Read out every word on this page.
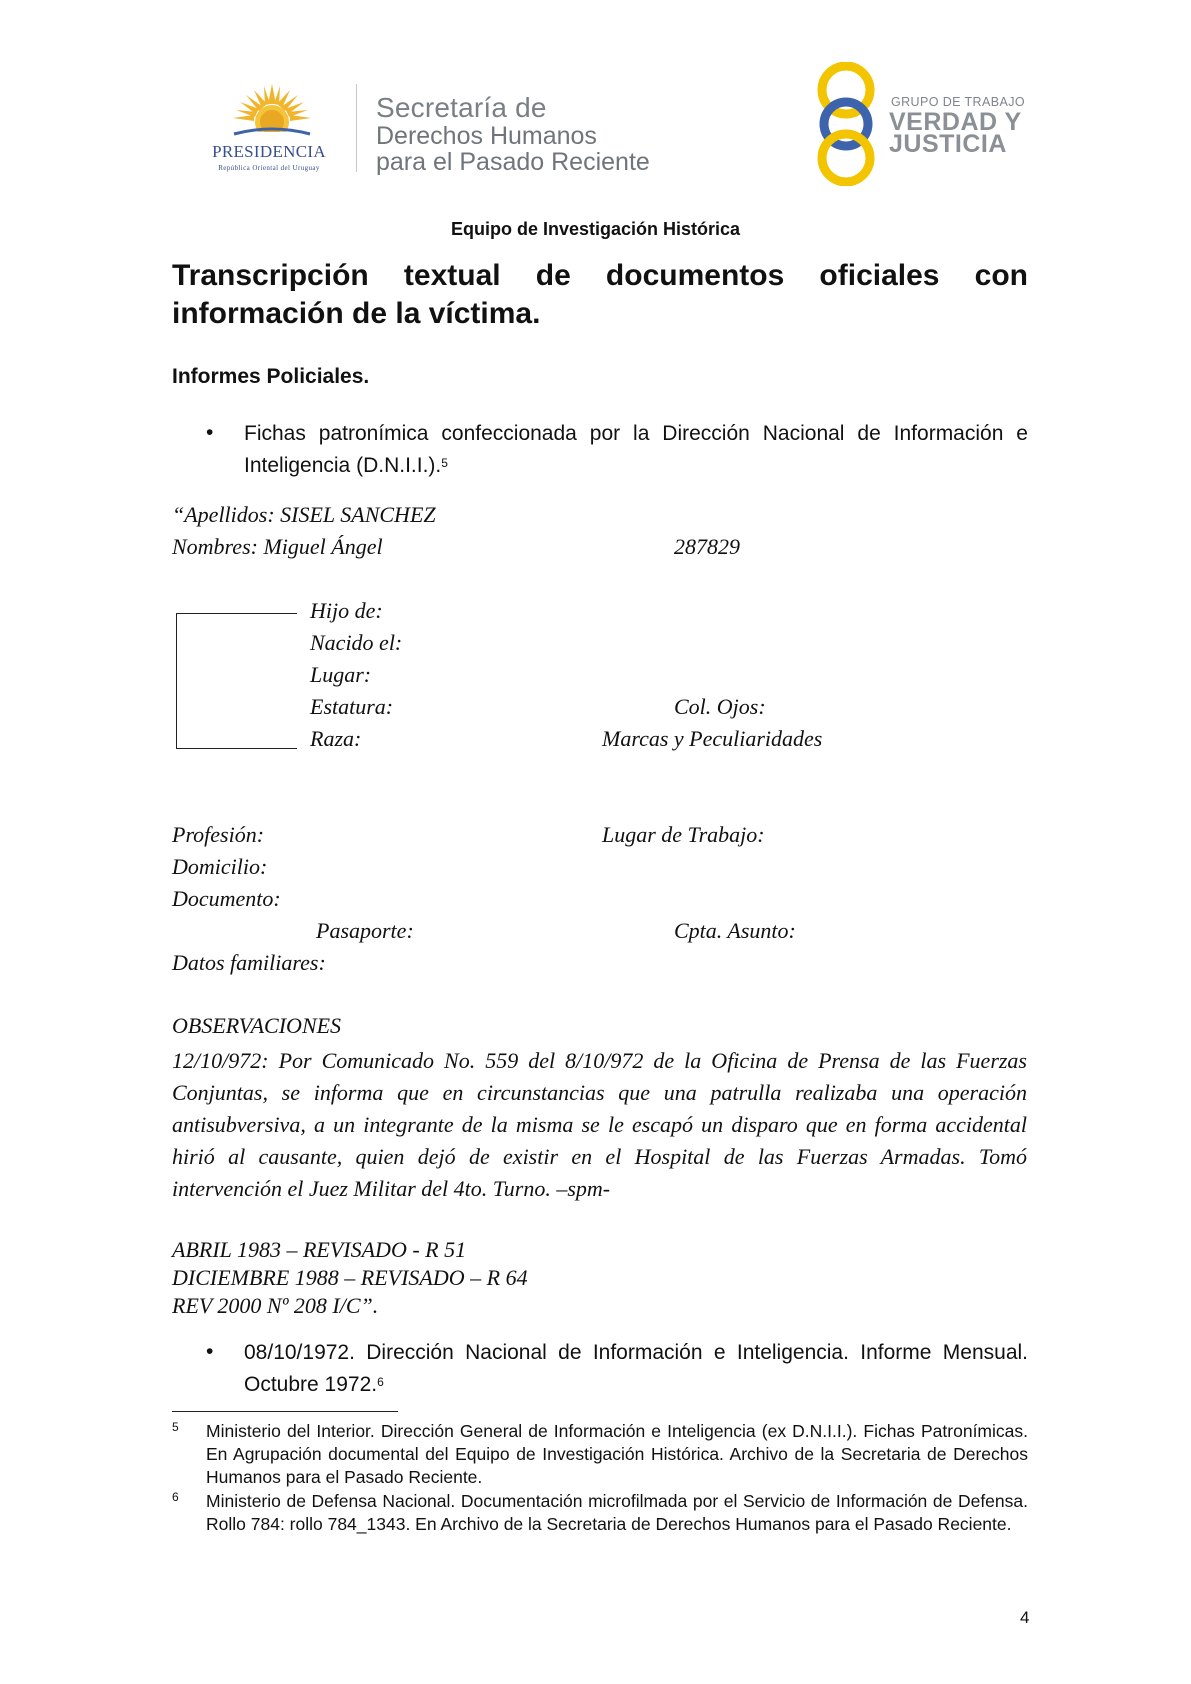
PRESIDENCIA
República Oriental del Uruguay
Secretaría de
Derechos Humanos
para el Pasado Reciente
GRUPO DE TRABAJO
VERDAD Y
JUSTICIA
Equipo de Investigación Histórica
Transcripción textual de documentos oficiales con información de la víctima.
Informes Policiales.
• Fichas patronímica confeccionada por la Dirección Nacional de Información e Inteligencia (D.N.I.I.).$^5$
“Apellidos: SISEL SANCHEZ
Nombres: Miguel Ángel	287829
Hijo de:
Nacido el:
Lugar:
Estatura:	Col. Ojos:
Raza:	Marcas y Peculiaridades
Profesión:	Lugar de Trabajo:
Domicilio:
Documento:
Pasaporte:	Cpta. Asunto:
Datos familiares:
OBSERVACIONES
12/10/972: Por Comunicado No. 559 del 8/10/972 de la Oficina de Prensa de las Fuerzas Conjuntas, se informa que en circunstancias que una patrulla realizaba una operación antisubversiva, a un integrante de la misma se le escapó un disparo que en forma accidental hirió al causante, quien dejó de existir en el Hospital de las Fuerzas Armadas. Tomó intervención el Juez Militar del 4to. Turno. –spm-
ABRIL 1983 – REVISADO - R 51
DICIEMBRE 1988 – REVISADO – R 64
REV 2000 Nº 208 I/C”.
• 08/10/1972. Dirección Nacional de Información e Inteligencia. Informe Mensual. Octubre 1972.$^6$
5 Ministerio del Interior. Dirección General de Información e Inteligencia (ex D.N.I.I.). Fichas Patronímicas. En Agrupación documental del Equipo de Investigación Histórica. Archivo de la Secretaria de Derechos Humanos para el Pasado Reciente.
6 Ministerio de Defensa Nacional. Documentación microfilmada por el Servicio de Información de Defensa. Rollo 784: rollo 784_1343. En Archivo de la Secretaria de Derechos Humanos para el Pasado Reciente.
4
